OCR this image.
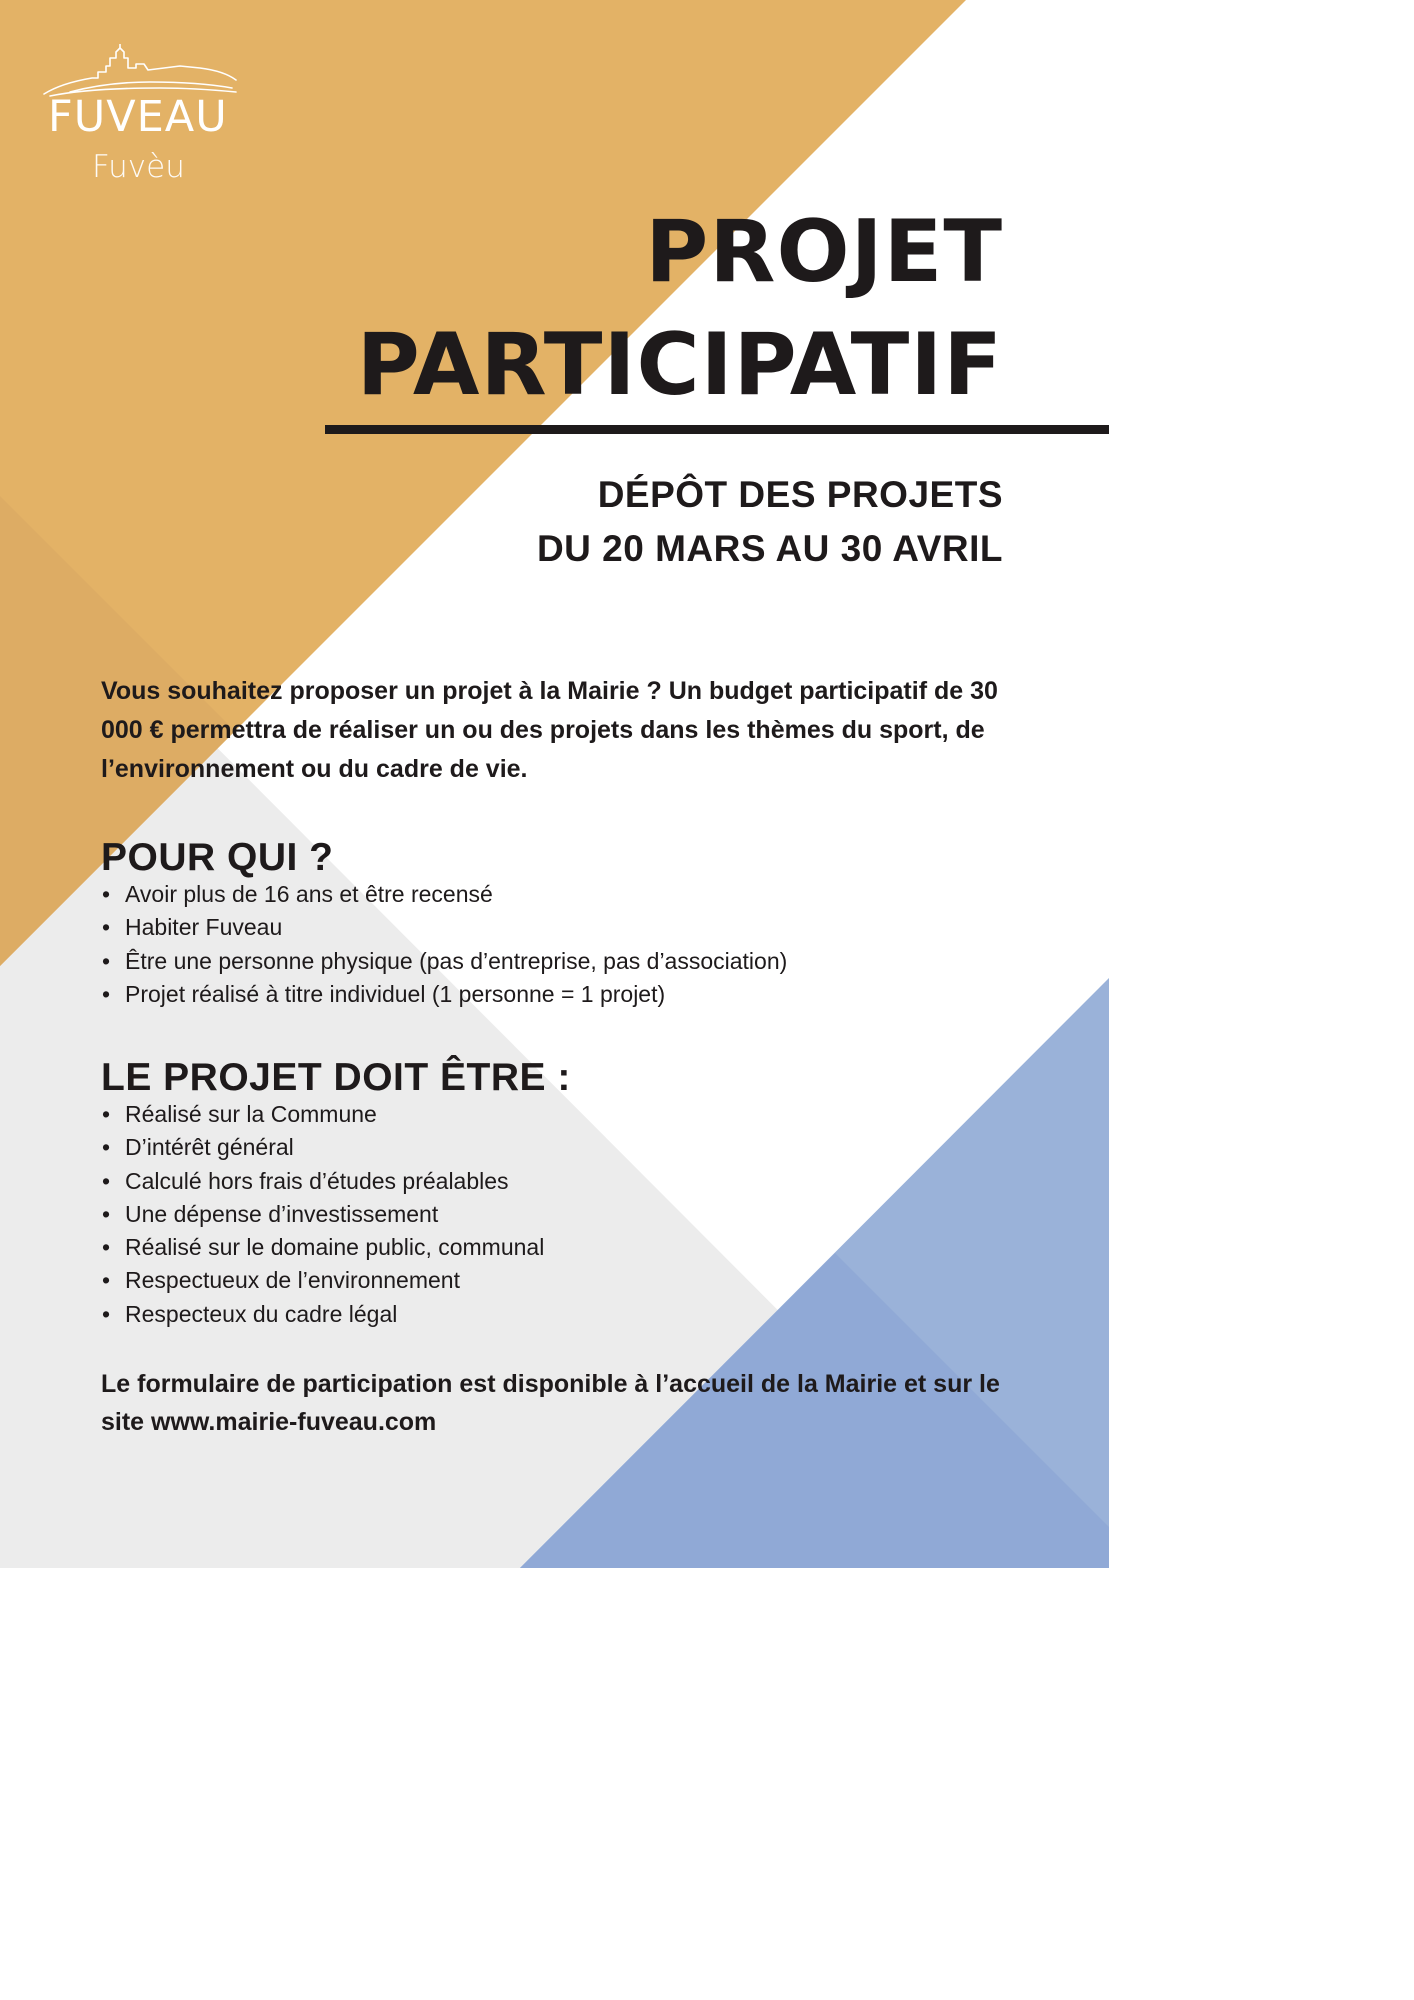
FUVEAU
Fuvèu
PROJET
PARTICIPATIF
DÉPÔT DES PROJETS
DU 20 MARS AU 30 AVRIL

Vous souhaitez proposer un projet à la Mairie ? Un budget participatif de 30 000 € permettra de réaliser un ou des projets dans les thèmes du sport, de l’environnement ou du cadre de vie.

POUR QUI ?
• Avoir plus de 16 ans et être recensé
• Habiter Fuveau
• Être une personne physique (pas d’entreprise, pas d’association)
• Projet réalisé à titre individuel (1 personne = 1 projet)
LE PROJET DOIT ÊTRE :
• Réalisé sur la Commune
• D’intérêt général
• Calculé hors frais d’études préalables
• Une dépense d’investissement
• Réalisé sur le domaine public, communal
• Respectueux de l’environnement
• Respecteux du cadre légal

Le formulaire de participation est disponible à l’accueil de la Mairie et sur le site www.mairie-fuveau.com
